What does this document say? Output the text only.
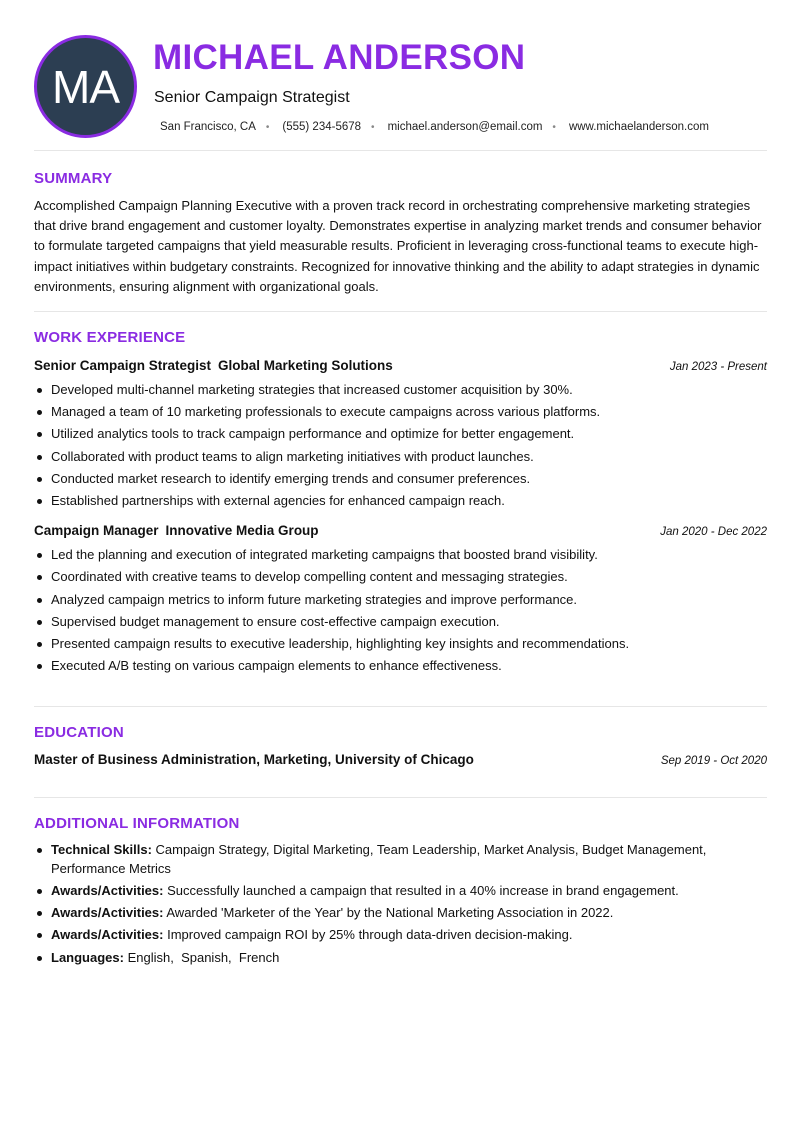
MA
MICHAEL ANDERSON
Senior Campaign Strategist
San Francisco, CA • (555) 234-5678 • michael.anderson@email.com • www.michaelanderson.com
SUMMARY

Accomplished Campaign Planning Executive with a proven track record in orchestrating comprehensive marketing strategies that drive brand engagement and customer loyalty. Demonstrates expertise in analyzing market trends and consumer behavior to formulate targeted campaigns that yield measurable results. Proficient in leveraging cross-functional teams to execute high-impact initiatives within budgetary constraints. Recognized for innovative thinking and the ability to adapt strategies in dynamic environments, ensuring alignment with organizational goals.

WORK EXPERIENCE
Senior Campaign Strategist Global Marketing Solutions	Jan 2023 - Present
Developed multi-channel marketing strategies that increased customer acquisition by 30%.
Managed a team of 10 marketing professionals to execute campaigns across various platforms.
Utilized analytics tools to track campaign performance and optimize for better engagement.
Collaborated with product teams to align marketing initiatives with product launches.
Conducted market research to identify emerging trends and consumer preferences.
Established partnerships with external agencies for enhanced campaign reach.
Campaign Manager Innovative Media Group	Jan 2020 - Dec 2022
Led the planning and execution of integrated marketing campaigns that boosted brand visibility.
Coordinated with creative teams to develop compelling content and messaging strategies.
Analyzed campaign metrics to inform future marketing strategies and improve performance.
Supervised budget management to ensure cost-effective campaign execution.
Presented campaign results to executive leadership, highlighting key insights and recommendations.
Executed A/B testing on various campaign elements to enhance effectiveness.
EDUCATION
Master of Business Administration, Marketing, University of Chicago	Sep 2019 - Oct 2020
ADDITIONAL INFORMATION
Technical Skills: Campaign Strategy, Digital Marketing, Team Leadership, Market Analysis, Budget Management, Performance Metrics
Awards/Activities: Successfully launched a campaign that resulted in a 40% increase in brand engagement.
Awards/Activities: Awarded 'Marketer of the Year' by the National Marketing Association in 2022.
Awards/Activities: Improved campaign ROI by 25% through data-driven decision-making.
Languages: English,  Spanish,  French
